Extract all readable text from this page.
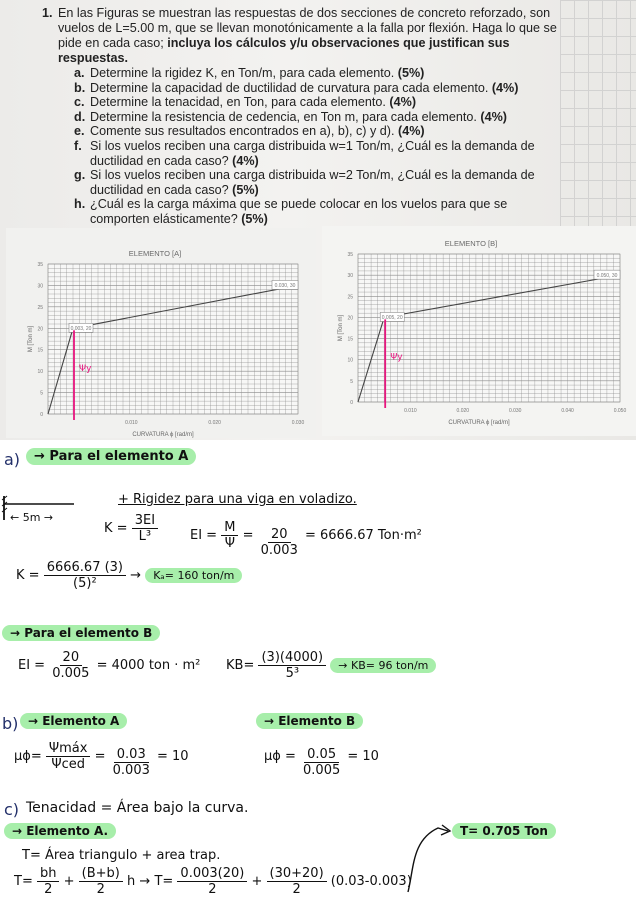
1. En las Figuras se muestran las respuestas de dos secciones de concreto reforzado, son vuelos de L=5.00 m, que se llevan monotónicamente a la falla por flexión. Haga lo que se pide en cada caso; incluya los cálculos y/u observaciones que justifican sus respuestas.
a. Determine la rigidez K, en Ton/m, para cada elemento. (5%)
b. Determine la capacidad de ductilidad de curvatura para cada elemento. (4%)
c. Determine la tenacidad, en Ton, para cada elemento. (4%)
d. Determine la resistencia de cedencia, en Ton m, para cada elemento. (4%)
e. Comente sus resultados encontrados en a), b), c) y d). (4%)
f. Si los vuelos reciben una carga distribuida w=1 Ton/m, ¿Cuál es la demanda de ductilidad en cada caso? (4%)
g. Si los vuelos reciben una carga distribuida w=2 Ton/m, ¿Cuál es la demanda de ductilidad en cada caso? (5%)
h. ¿Cuál es la carga máxima que se puede colocar en los vuelos para que se comporten elásticamente? (5%)
ELEMENTO [A]
35
30
25
20
15
10
5
0
0.010	0.020	0.030
CURVATURA ϕ [rad/m]
M [Ton m]	0.003, 20
0.030, 30
Ψy
ELEMENTO [B]
35
30
25
20
15
10
5
0
0.010	0.020	0.030	0.040	0.050
CURVATURA ϕ [rad/m]
M [Ton m]	0.005, 20
0.050, 30
Ψy
a)	→ Para el elemento A
← 5m →
+ Rigidez para una viga en voladizo.
$K = \frac{3EI}{\text{L³}}$ EI = $\frac{M}{\Psi} = \frac{20}{0.003} = 6666.67$ Ton·m²
$K = \frac{6666.67 (3)}{\text{(5)²}} \to K_a= 160$ ton/m
→ Para el elemento B
EI = $\frac{20}{0.005} = 4000$ ton · m² $KB= \frac{(3)(4000)}{\text{5³}} \to KB= 96$ ton/m
b) → Elemento A
$\mu\phi= \frac{\text{Ψmáx}}{\text{Ψced}} = \frac{0.03}{0.003} = 10$
→ Elemento B
$\mu\phi = \frac{0.05}{0.005} = 10$
c) Tenacidad = Área bajo la curva.
→ Elemento A.	T= 0.705 Ton
T= Área triangulo + area trap.
$T= \frac{bh}{2} + \frac{(B+b)}{2}$ $h \to T= \frac{0.003(20)}{2} + \frac{(30+20)}{2} (0.03-0.003)$
